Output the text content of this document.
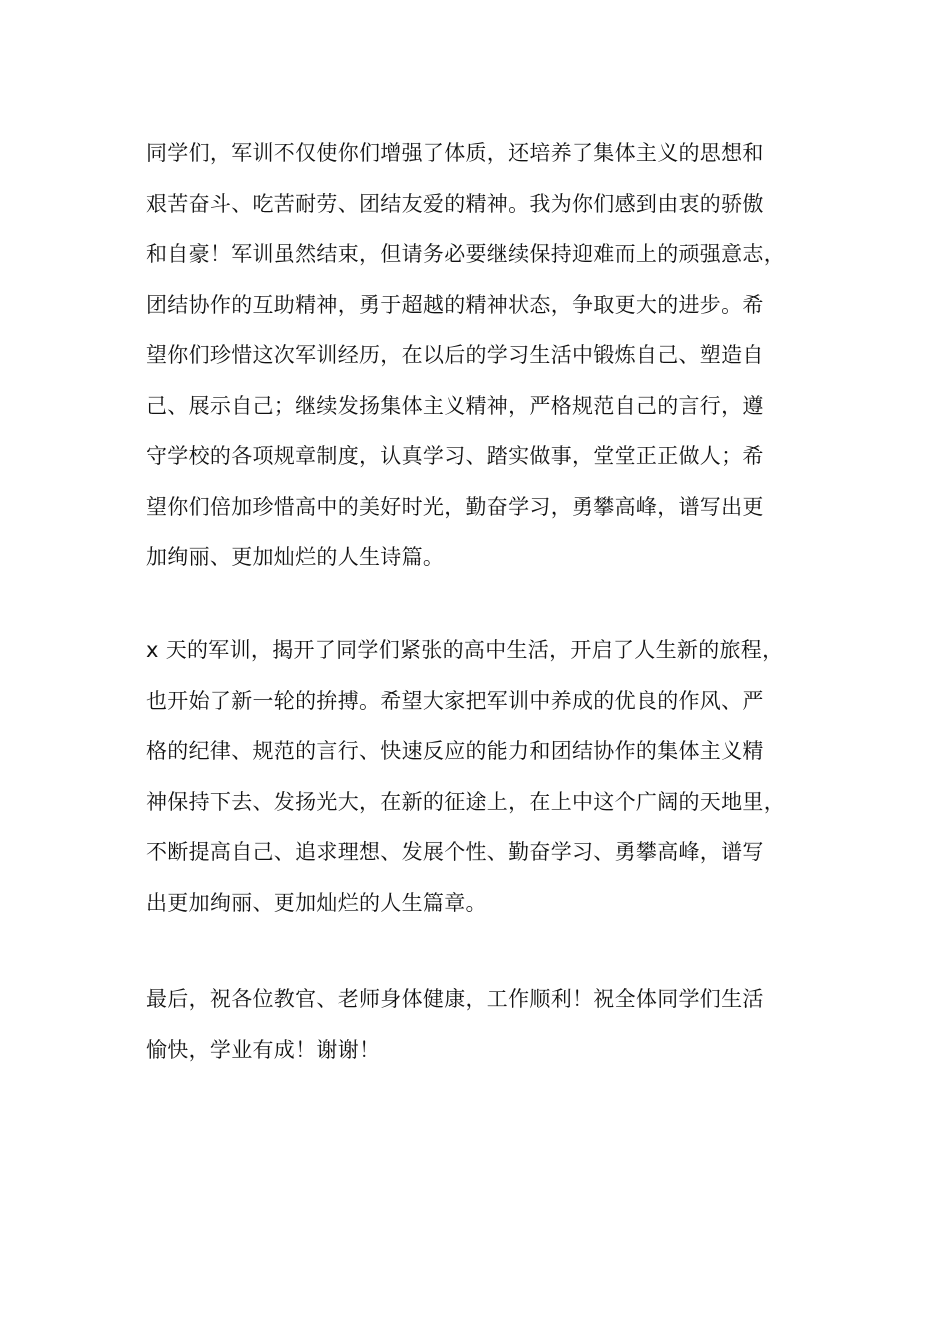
同学们，军训不仅使你们增强了体质，还培养了集体主义的思想和
艰苦奋斗、吃苦耐劳、团结友爱的精神。我为你们感到由衷的骄傲
和自豪！军训虽然结束，但请务必要继续保持迎难而上的顽强意志，
团结协作的互助精神，勇于超越的精神状态，争取更大的进步。希
望你们珍惜这次军训经历，在以后的学习生活中锻炼自己、塑造自
己、展示自己；继续发扬集体主义精神，严格规范自己的言行，遵
守学校的各项规章制度，认真学习、踏实做事，堂堂正正做人；希
望你们倍加珍惜高中的美好时光，勤奋学习，勇攀高峰，谱写出更
加绚丽、更加灿烂的人生诗篇。
x 天的军训，揭开了同学们紧张的高中生活，开启了人生新的旅程，
也开始了新一轮的拚搏。希望大家把军训中养成的优良的作风、严
格的纪律、规范的言行、快速反应的能力和团结协作的集体主义精
神保持下去、发扬光大，在新的征途上，在上中这个广阔的天地里，
不断提高自己、追求理想、发展个性、勤奋学习、勇攀高峰，谱写
出更加绚丽、更加灿烂的人生篇章。
最后，祝各位教官、老师身体健康，工作顺利！祝全体同学们生活
愉快，学业有成！谢谢！
